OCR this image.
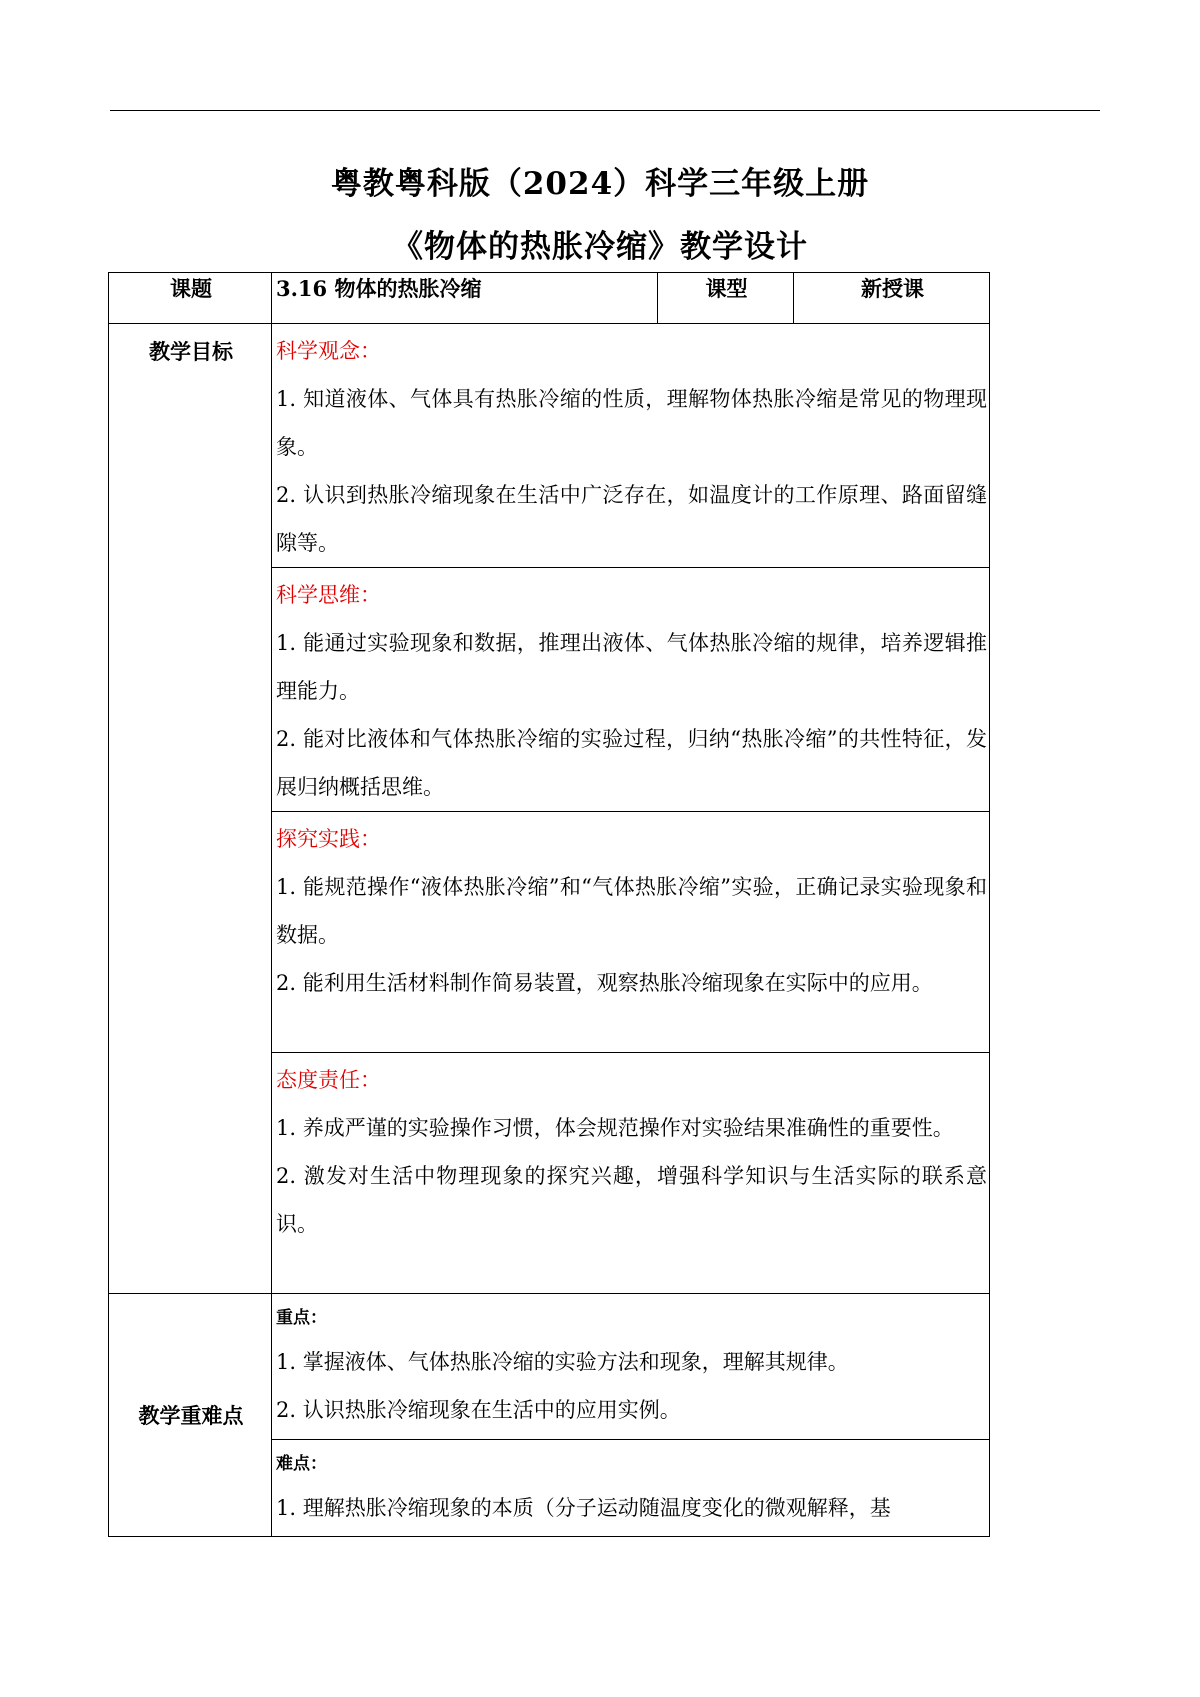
粤教粤科版（2024）科学三年级上册
《物体的热胀冷缩》教学设计
课题	3.16 物体的热胀冷缩	课型	新授课
教学目标	科学观念：

1. 知道液体、气体具有热胀冷缩的性质，理解物体热胀冷缩是常见的物理现象。

2. 认识到热胀冷缩现象在生活中广泛存在，如温度计的工作原理、路面留缝隙等。		

	科学思维：

1. 能通过实验现象和数据，推理出液体、气体热胀冷缩的规律，培养逻辑推理能力。

2. 能对比液体和气体热胀冷缩的实验过程，归纳“热胀冷缩”的共性特征，发展归纳概括思维。		

	探究实践：

1. 能规范操作“液体热胀冷缩”和“气体热胀冷缩”实验，正确记录实验现象和数据。

2. 能利用生活材料制作简易装置，观察热胀冷缩现象在实际中的应用。		

	态度责任：

1. 养成严谨的实验操作习惯，体会规范操作对实验结果准确性的重要性。

2. 激发对生活中物理现象的探究兴趣，增强科学知识与生活实际的联系意识。		

教学重难点	重点：

1. 掌握液体、气体热胀冷缩的实验方法和现象，理解其规律。

2. 认识热胀冷缩现象在生活中的应用实例。		

	难点：

1. 理解热胀冷缩现象的本质（分子运动随温度变化的微观解释，基		
